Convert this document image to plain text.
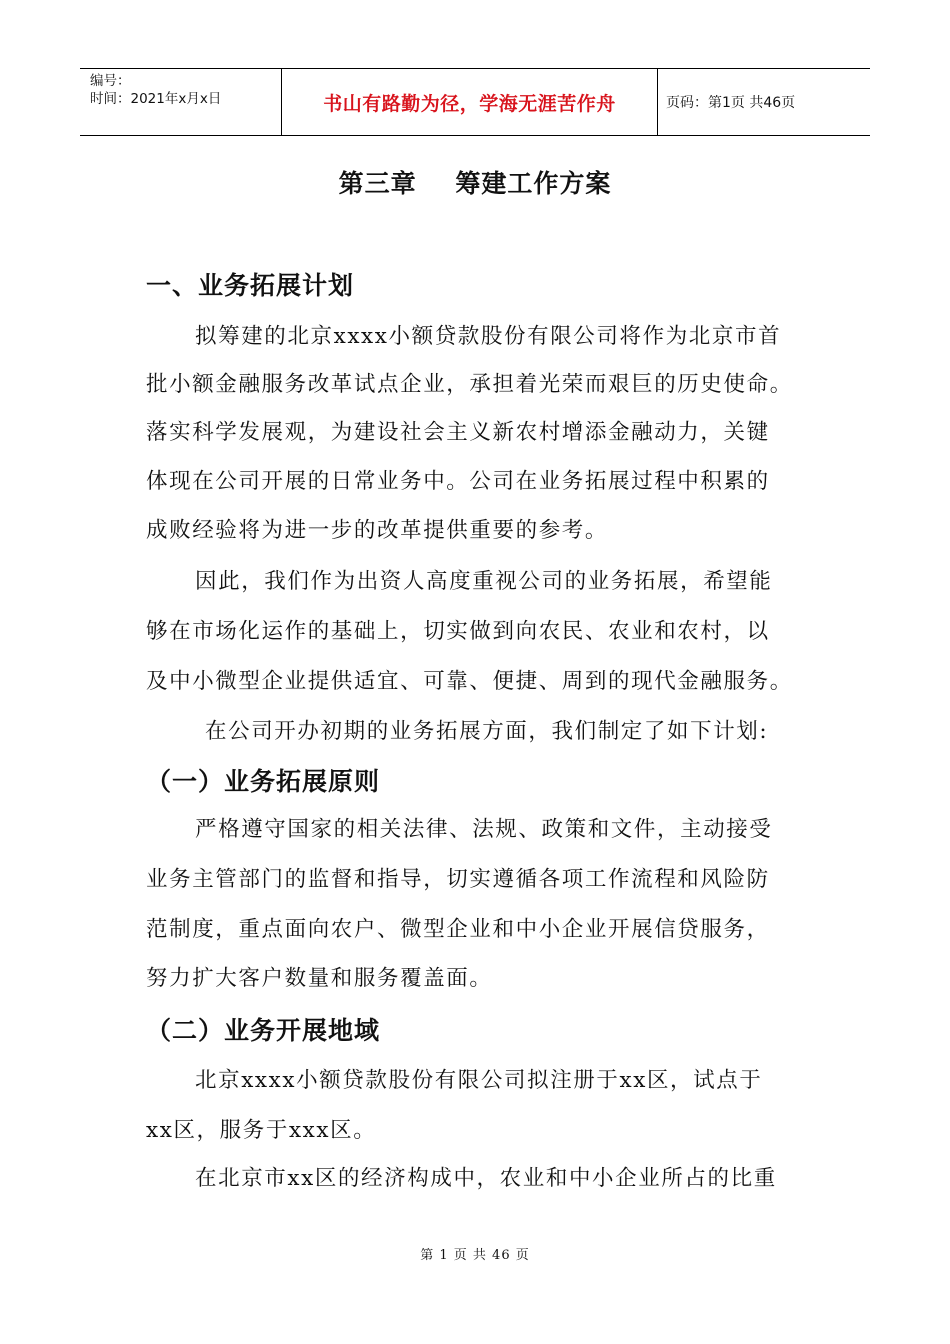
编号：
时间：2021年x月x日	书山有路勤为径，学海无涯苦作舟	页码：第1页 共46页
第三章    筹建工作方案
一、业务拓展计划
拟筹建的北京xxxx小额贷款股份有限公司将作为北京市首
批小额金融服务改革试点企业，承担着光荣而艰巨的历史使命。
落实科学发展观，为建设社会主义新农村增添金融动力，关键
体现在公司开展的日常业务中。公司在业务拓展过程中积累的
成败经验将为进一步的改革提供重要的参考。
因此，我们作为出资人高度重视公司的业务拓展，希望能
够在市场化运作的基础上，切实做到向农民、农业和农村，以
及中小微型企业提供适宜、可靠、便捷、周到的现代金融服务。
在公司开办初期的业务拓展方面，我们制定了如下计划:
（一）业务拓展原则
严格遵守国家的相关法律、法规、政策和文件，主动接受
业务主管部门的监督和指导，切实遵循各项工作流程和风险防
范制度，重点面向农户、微型企业和中小企业开展信贷服务，
努力扩大客户数量和服务覆盖面。
（二）业务开展地域
北京xxxx小额贷款股份有限公司拟注册于xx区，试点于
xx区，服务于xxx区。
在北京市xx区的经济构成中，农业和中小企业所占的比重
第 1 页 共 46 页
